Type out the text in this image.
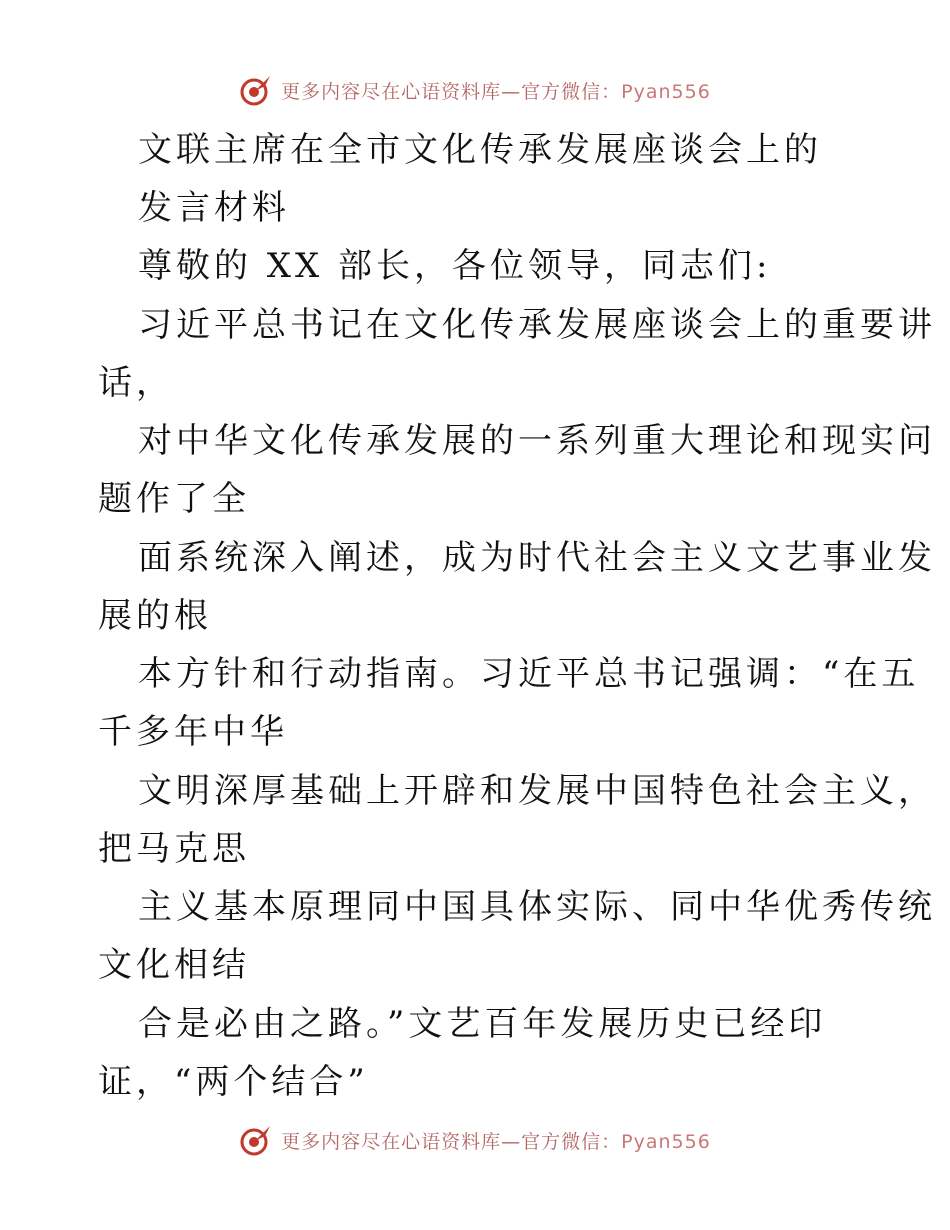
更多内容尽在心语资料库—官方微信：Pyan556
文联主席在全市文化传承发展座谈会上的
发言材料
尊敬的 XX 部长，各位领导，同志们:
习近平总书记在文化传承发展座谈会上的重要讲
话，
对中华文化传承发展的一系列重大理论和现实问
题作了全
面系统深入阐述，成为时代社会主义文艺事业发
展的根
本方针和行动指南。习近平总书记强调：“在五
千多年中华
文明深厚基础上开辟和发展中国特色社会主义，
把马克思
主义基本原理同中国具体实际、同中华优秀传统
文化相结
合是必由之路。”文艺百年发展历史已经印
证，“两个结合”
更多内容尽在心语资料库—官方微信：Pyan556
